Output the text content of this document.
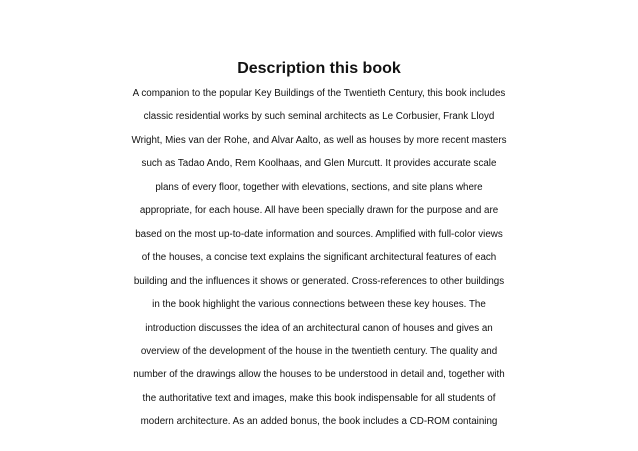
Description this book
A companion to the popular Key Buildings of the Twentieth Century, this book includes
classic residential works by such seminal architects as Le Corbusier, Frank Lloyd
Wright, Mies van der Rohe, and Alvar Aalto, as well as houses by more recent masters
such as Tadao Ando, Rem Koolhaas, and Glen Murcutt. It provides accurate scale
plans of every floor, together with elevations, sections, and site plans where
appropriate, for each house. All have been specially drawn for the purpose and are
based on the most up-to-date information and sources. Amplified with full-color views
of the houses, a concise text explains the significant architectural features of each
building and the influences it shows or generated. Cross-references to other buildings
in the book highlight the various connections between these key houses. The
introduction discusses the idea of an architectural canon of houses and gives an
overview of the development of the house in the twentieth century. The quality and
number of the drawings allow the houses to be understood in detail and, together with
the authoritative text and images, make this book indispensable for all students of
modern architecture. As an added bonus, the book includes a CD-ROM containing
